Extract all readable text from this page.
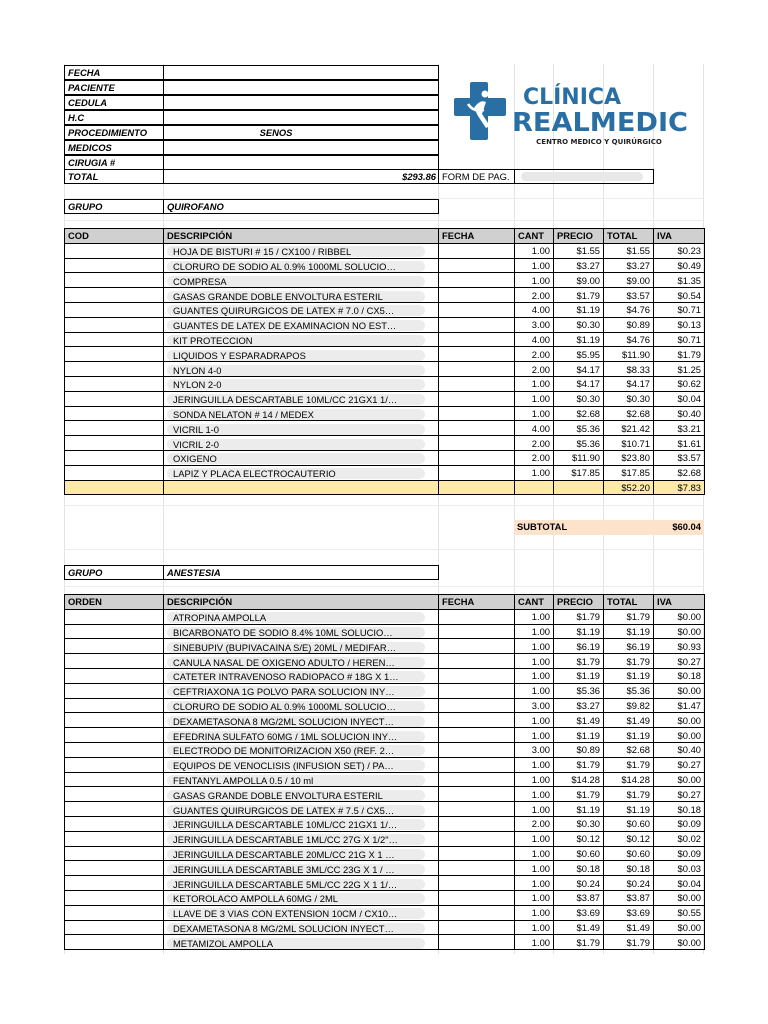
FECHA
PACIENTE
CEDULA
H.C
PROCEDIMIENTO	SENOS
MEDICOS
CIRUGIA #
TOTAL	$293.86 FORM DE PAG.
CLÍNICA
REALMEDIC
CENTRO MEDICO Y QUIRÚRGICO
GRUPO	QUIROFANO
COD	DESCRIPCIÓN	FECHA	CANT	PRECIO	TOTAL	IVA
	HOJA DE BISTURI # 15 / CX100 / RIBBEL		1.00	$1.55	$1.55	$0.23
	CLORURO DE SODIO AL 0.9% 1000ML SOLUCIO…		1.00	$3.27	$3.27	$0.49
	COMPRESA		1.00	$9.00	$9.00	$1.35
	GASAS GRANDE DOBLE ENVOLTURA ESTERIL		2.00	$1.79	$3.57	$0.54
	GUANTES QUIRURGICOS DE LATEX # 7.0 / CX5…		4.00	$1.19	$4.76	$0.71
	GUANTES DE LATEX DE EXAMINACION NO EST…		3.00	$0.30	$0.89	$0.13
	KIT PROTECCION		4.00	$1.19	$4.76	$0.71
	LIQUIDOS Y ESPARADRAPOS		2.00	$5.95	$11.90	$1.79
	NYLON 4-0		2.00	$4.17	$8.33	$1.25
	NYLON 2-0		1.00	$4.17	$4.17	$0.62
	JERINGUILLA DESCARTABLE 10ML/CC 21GX1 1/…		1.00	$0.30	$0.30	$0.04
	SONDA NELATON # 14 / MEDEX		1.00	$2.68	$2.68	$0.40
	VICRIL 1-0		4.00	$5.36	$21.42	$3.21
	VICRIL 2-0		2.00	$5.36	$10.71	$1.61
	OXIGENO		2.00	$11.90	$23.80	$3.57
	LAPIZ Y PLACA ELECTROCAUTERIO		1.00	$17.85	$17.85	$2.68
					$52.20	$7.83
SUBTOTAL	$60.04
GRUPO	ANESTESIA
ORDEN	DESCRIPCIÓN	FECHA	CANT	PRECIO	TOTAL	IVA
	ATROPINA AMPOLLA		1.00	$1.79	$1.79	$0.00
	BICARBONATO DE SODIO 8.4% 10ML SOLUCIO…		1.00	$1.19	$1.19	$0.00
	SINEBUPIV (BUPIVACAINA S/E) 20ML / MEDIFAR…		1.00	$6.19	$6.19	$0.93
	CANULA NASAL DE OXIGENO ADULTO / HEREN…		1.00	$1.79	$1.79	$0.27
	CATETER INTRAVENOSO RADIOPACO # 18G X 1…		1.00	$1.19	$1.19	$0.18
	CEFTRIAXONA 1G POLVO PARA SOLUCION INY…		1.00	$5.36	$5.36	$0.00
	CLORURO DE SODIO AL 0.9% 1000ML SOLUCIO…		3.00	$3.27	$9.82	$1.47
	DEXAMETASONA 8 MG/2ML SOLUCION INYECT…		1.00	$1.49	$1.49	$0.00
	EFEDRINA SULFATO 60MG / 1ML SOLUCION INY…		1.00	$1.19	$1.19	$0.00
	ELECTRODO DE MONITORIZACION X50 (REF. 2…		3.00	$0.89	$2.68	$0.40
	EQUIPOS DE VENOCLISIS (INFUSION SET) / PA…		1.00	$1.79	$1.79	$0.27
	FENTANYL AMPOLLA 0.5 / 10 ml		1.00	$14.28	$14.28	$0.00
	GASAS GRANDE DOBLE ENVOLTURA ESTERIL		1.00	$1.79	$1.79	$0.27
	GUANTES QUIRURGICOS DE LATEX # 7.5 / CX5…		1.00	$1.19	$1.19	$0.18
	JERINGUILLA DESCARTABLE 10ML/CC 21GX1 1/…		2.00	$0.30	$0.60	$0.09
	JERINGUILLA DESCARTABLE 1ML/CC 27G X 1/2"…		1.00	$0.12	$0.12	$0.02
	JERINGUILLA DESCARTABLE 20ML/CC 21G X 1 …		1.00	$0.60	$0.60	$0.09
	JERINGUILLA DESCARTABLE 3ML/CC 23G X 1 / …		1.00	$0.18	$0.18	$0.03
	JERINGUILLA DESCARTABLE 5ML/CC 22G X 1 1/…		1.00	$0.24	$0.24	$0.04
	KETOROLACO AMPOLLA 60MG / 2ML		1.00	$3.87	$3.87	$0.00
	LLAVE DE 3 VIAS CON EXTENSION 10CM / CX10…		1.00	$3.69	$3.69	$0.55
	DEXAMETASONA 8 MG/2ML SOLUCION INYECT…		1.00	$1.49	$1.49	$0.00
	METAMIZOL AMPOLLA		1.00	$1.79	$1.79	$0.00
